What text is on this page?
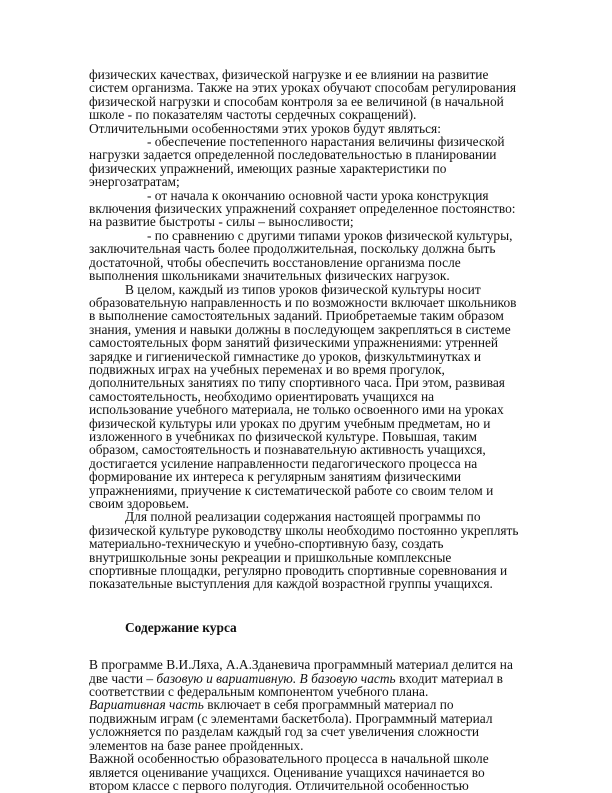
физических качествах, физической нагрузке и ее влиянии на развитие систем организма. Также на этих уроках обучают способам регулирования физической нагрузки и способам контроля за ее величиной (в начальной школе - по показателям частоты сердечных сокращений). Отличительными особенностями этих уроков будут являться:

- обеспечение постепенного нарастания величины физической нагрузки задается определенной последовательностью в планировании физических упражнений, имеющих разные характеристики по энергозатратам;

- от начала к окончанию основной части урока конструкция включения физических упражнений сохраняет определенное постоянство: на развитие быстроты - силы – выносливости;

- по сравнению с другими типами уроков физической культуры, заключительная часть более продолжительная, поскольку должна быть достаточной, чтобы обеспечить восстановление организма после выполнения школьниками значительных физических нагрузок.

В целом, каждый из типов уроков физической культуры носит образовательную направленность и по возможности включает школьников в выполнение самостоятельных заданий. Приобретаемые таким образом знания, умения и навыки должны в последующем закрепляться в системе самостоятельных форм занятий физическими упражнениями: утренней зарядке и гигиенической гимнастике до уроков, физкультминутках и подвижных играх на учебных переменах и во время прогулок, дополнительных занятиях по типу спортивного часа. При этом, развивая самостоятельность, необходимо ориентировать учащихся на использование учебного материала, не только освоенного ими на уроках физической культуры или уроках по другим учебным предметам, но и изложенного в учебниках по физической культуре. Повышая, таким образом, самостоятельность и познавательную активность учащихся, достигается усиление направленности педагогического процесса на формирование их интереса к регулярным занятиям физическими упражнениями, приучение к систематической работе со своим телом и своим здоровьем.

Для полной реализации содержания настоящей программы по физической культуре руководству школы необходимо постоянно укреплять материально-техническую и учебно-спортивную базу, создать внутришкольные зоны рекреации и пришкольные комплексные спортивные площадки, регулярно проводить спортивные соревнования и показательные выступления для каждой возрастной группы учащихся.

Содержание курса

В программе В.И.Ляха, А.А.Зданевича программный материал делится на две части – базовую и вариативную. В базовую часть входит материал в соответствии с федеральным компонентом учебного плана.

Вариативная часть включает в себя программный материал по подвижным играм (с элементами баскетбола). Программный материал усложняется по разделам каждый год за счет увеличения сложности элементов на базе ранее пройденных.

Важной особенностью образовательного процесса в начальной школе является оценивание учащихся. Оценивание учащихся начинается во втором классе с первого полугодия. Отличительной особенностью
